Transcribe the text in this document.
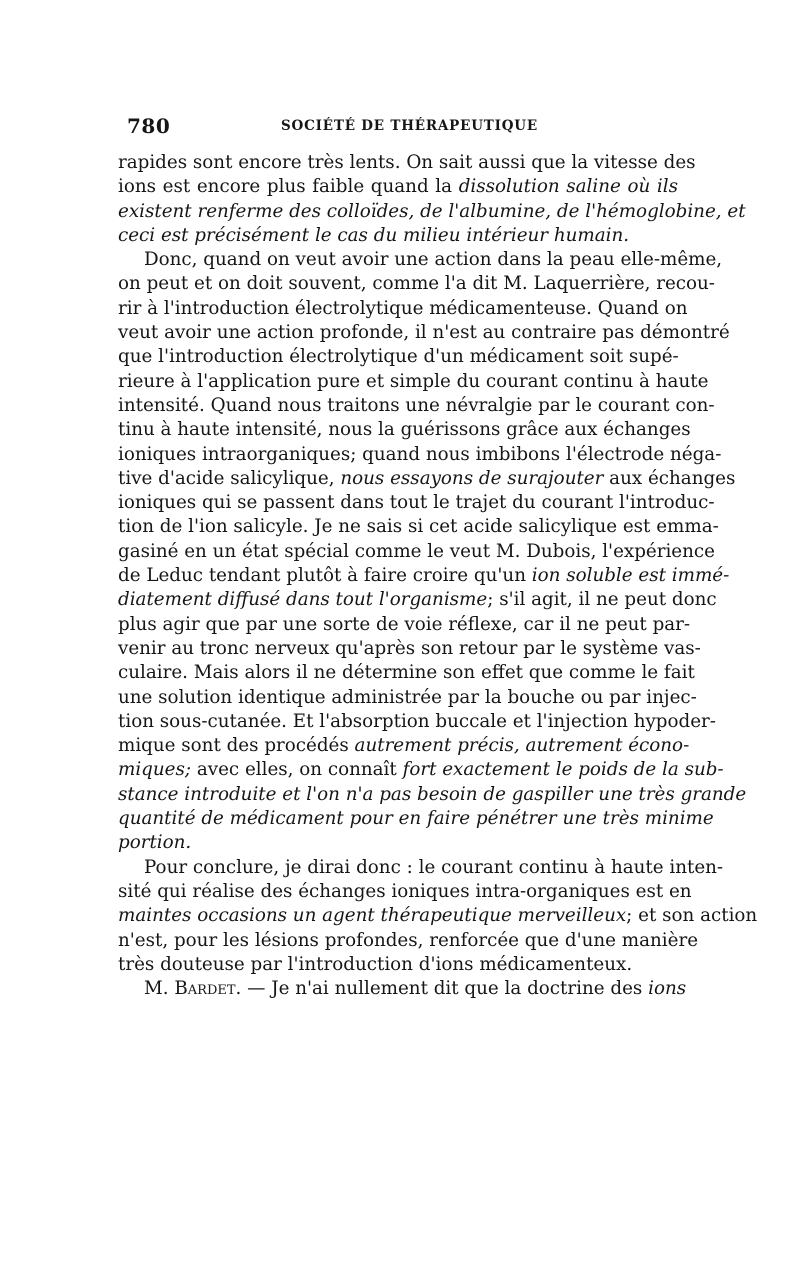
780	SOCIÉTÉ DE THÉRAPEUTIQUE
rapides sont encore très lents. On sait aussi que la vitesse des
ions est encore plus faible quand la dissolution saline où ils
existent renferme des colloïdes, de l'albumine, de l'hémoglobine, et
ceci est précisément le cas du milieu intérieur humain.
Donc, quand on veut avoir une action dans la peau elle-même,
on peut et on doit souvent, comme l'a dit M. Laquerrière, recou-
rir à l'introduction électrolytique médicamenteuse. Quand on
veut avoir une action profonde, il n'est au contraire pas démontré
que l'introduction électrolytique d'un médicament soit supé-
rieure à l'application pure et simple du courant continu à haute
intensité. Quand nous traitons une névralgie par le courant con-
tinu à haute intensité, nous la guérissons grâce aux échanges
ioniques intraorganiques; quand nous imbibons l'électrode néga-
tive d'acide salicylique, nous essayons de surajouter aux échanges
ioniques qui se passent dans tout le trajet du courant l'introduc-
tion de l'ion salicyle. Je ne sais si cet acide salicylique est emma-
gasiné en un état spécial comme le veut M. Dubois, l'expérience
de Leduc tendant plutôt à faire croire qu'un ion soluble est immé-
diatement diffusé dans tout l'organisme; s'il agit, il ne peut donc
plus agir que par une sorte de voie réflexe, car il ne peut par-
venir au tronc nerveux qu'après son retour par le système vas-
culaire. Mais alors il ne détermine son effet que comme le fait
une solution identique administrée par la bouche ou par injec-
tion sous-cutanée. Et l'absorption buccale et l'injection hypoder-
mique sont des procédés autrement précis, autrement écono-
miques; avec elles, on connaît fort exactement le poids de la sub-
stance introduite et l'on n'a pas besoin de gaspiller une très grande
quantité de médicament pour en faire pénétrer une très minime
portion.
Pour conclure, je dirai donc : le courant continu à haute inten-
sité qui réalise des échanges ioniques intra-organiques est en
maintes occasions un agent thérapeutique merveilleux; et son action
n'est, pour les lésions profondes, renforcée que d'une manière
très douteuse par l'introduction d'ions médicamenteux.
M. Bardet. — Je n'ai nullement dit que la doctrine des ions
